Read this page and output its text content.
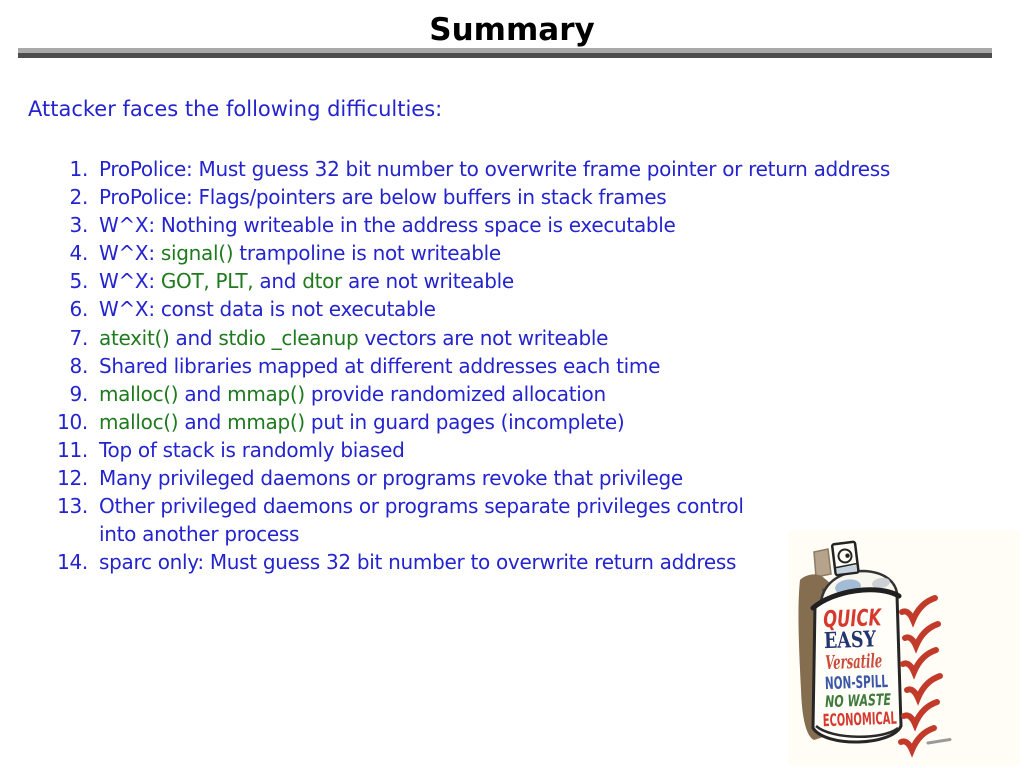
Summary
Attacker faces the following difficulties:
1. ProPolice: Must guess 32 bit number to overwrite frame pointer or return address
2. ProPolice: Flags/pointers are below buffers in stack frames
3. W^X: Nothing writeable in the address space is executable
4. W^X: signal() trampoline is not writeable
5. W^X: GOT, PLT, and dtor are not writeable
6. W^X: const data is not executable
7. atexit() and stdio _cleanup vectors are not writeable
8. Shared libraries mapped at different addresses each time
9. malloc() and mmap() provide randomized allocation
10. malloc() and mmap() put in guard pages (incomplete)
11. Top of stack is randomly biased
12. Many privileged daemons or programs revoke that privilege
13. Other privileged daemons or programs separate privileges control
into another process
14. sparc only: Must guess 32 bit number to overwrite return address
QUICK
EASY
Versatile
NON-SPILL
NO WASTE
ECONOMICAL
